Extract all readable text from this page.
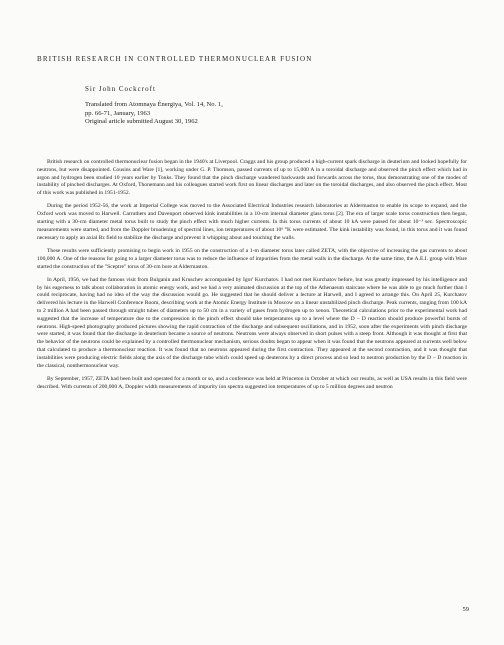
BRITISH RESEARCH IN CONTROLLED THERMONUCLEAR FUSION
Sir John Cockcroft
Translated from Atomnaya Énergiya, Vol. 14, No. 1,
pp. 66-71, January, 1963
Original article submitted August 30, 1962

British research on controlled thermonuclear fusion began in the 1940's at Liverpool. Craggs and his group produced a high-current spark discharge in deuterium and looked hopefully for neutrons, but were disappointed. Cousins and Ware [1], working under G. P. Thomson, passed currents of up to 15,000 A in a toroidal discharge and observed the pinch effect which had in argon and hydrogen been studied 10 years earlier by Tonks. They found that the pinch discharge wandered backwards and forwards across the torus, thus demonstrating one of the modes of instability of pinched discharges. At Oxford, Thonemann and his colleagues started work first on linear discharges and later on the toroidal discharges, and also observed the pinch effect. Most of this work was published in 1951-1952.

During the period 1952-56, the work at Imperial College was moved to the Associated Electrical Industries research laboratories at Aldermaston to enable its scope to expand, and the Oxford work was moved to Harwell. Carruthers and Davenport observed kink instabilities in a 10-cm internal diameter glass torus [2]. The era of larger scale torus construction then began, starting with a 30-cm diameter metal torus built to study the pinch effect with much higher currents. In this torus currents of about 10 kA were passed for about 10⁻³ sec. Spectroscopic measurements were started, and from the Doppler broadening of spectral lines, ion temperatures of about 10⁶ °K were estimated. The kink instability was found, in this torus and it was found necessary to apply an axial Bz field to stabilize the discharge and prevent it whipping about and touching the walls.

These results were sufficiently promising to begin work in 1955 on the construction of a 1-m diameter torus later called ZETA, with the objective of increasing the gas currents to about 100,000 A. One of the reasons for going to a larger diameter torus was to reduce the influence of impurities from the metal walls in the discharge. At the same time, the A.E.I. group with Ware started the construction of the "Sceptre" torus of 30-cm bore at Aldermaston.

In April, 1956, we had the famous visit from Bulganin and Kruschev accompanied by Igor' Kurchatov. I had not met Kurchatov before, but was greatly impressed by his intelligence and by his eagerness to talk about collaboration in atomic energy work, and we had a very animated discussion at the top of the Athenaeum staircase where he was able to go much further than I could reciprocate, having had no idea of the way the discussion would go. He suggested that he should deliver a lecture at Harwell, and I agreed to arrange this. On April 25, Kurchatov delivered his lecture in the Harwell Conference Room, describing work at the Atomic Energy Institute in Moscow on a linear unstabilized pinch discharge. Peak currents, ranging from 100 kA to 2 million A had been passed through straight tubes of diameters up to 50 cm in a variety of gases from hydrogen up to xenon. Theoretical calculations prior to the experimental work had suggested that the increase of temperature due to the compression in the pinch effect should take temperatures up to a level where the D − D reaction should produce powerful bursts of neutrons. High-speed photography produced pictures showing the rapid contraction of the discharge and subsequent oscillations, and in 1952, soon after the experiments with pinch discharge were started, it was found that the discharge in deuterium became a source of neutrons. Neutrons were always observed in short pulses with a steep front. Although it was thought at first that the behavior of the neutrons could be explained by a controlled thermonuclear mechanism, serious doubts began to appear when it was found that the neutrons appeared at currents well below that calculated to produce a thermonuclear reaction. It was found that no neutrons appeared during the first contraction. They appeared at the second contraction, and it was thought that instabilities were producing electric fields along the axis of the discharge tube which could speed up deuterons by a direct process and so lead to neutron production by the D − D reaction in the classical, nonthermonuclear way.

By September, 1957, ZETA had been built and operated for a month or so, and a conference was held at Princeton in October at which our results, as well as USA results in this field were described. With currents of 200,000 A, Doppler width measurements of impurity ion spectra suggested ion temperatures of up to 5 million degrees and neutron

59
